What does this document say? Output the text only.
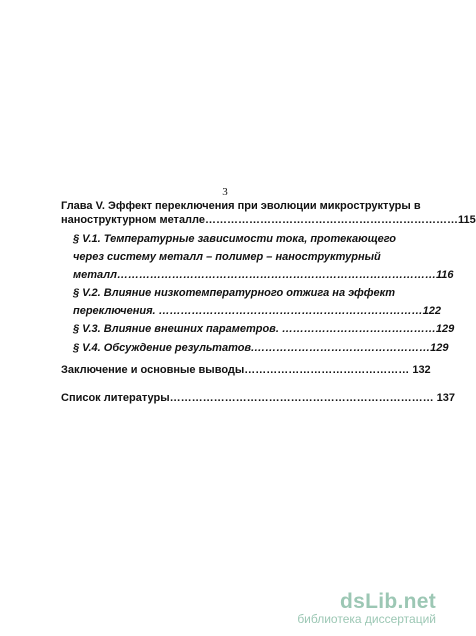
3
Глава V. Эффект переключения при эволюции микроструктуры в
наноструктурном металле……………………………………………………………115
§ V.1. Температурные зависимости тока, протекающего
через систему металл – полимер – наноструктурный
металл……………………………………………………………………………116
§ V.2. Влияние низкотемпературного отжига на эффект
переключения. ………………………………………………………………122
§ V.3. Влияние внешних параметров. ……………………………………129
§ V.4. Обсуждение результатов.…………………………………………129
Заключение и основные выводы……………………………………… 132
Список литературы……………………………………………………………… 137
dsLib.net
библиотека диссертаций
